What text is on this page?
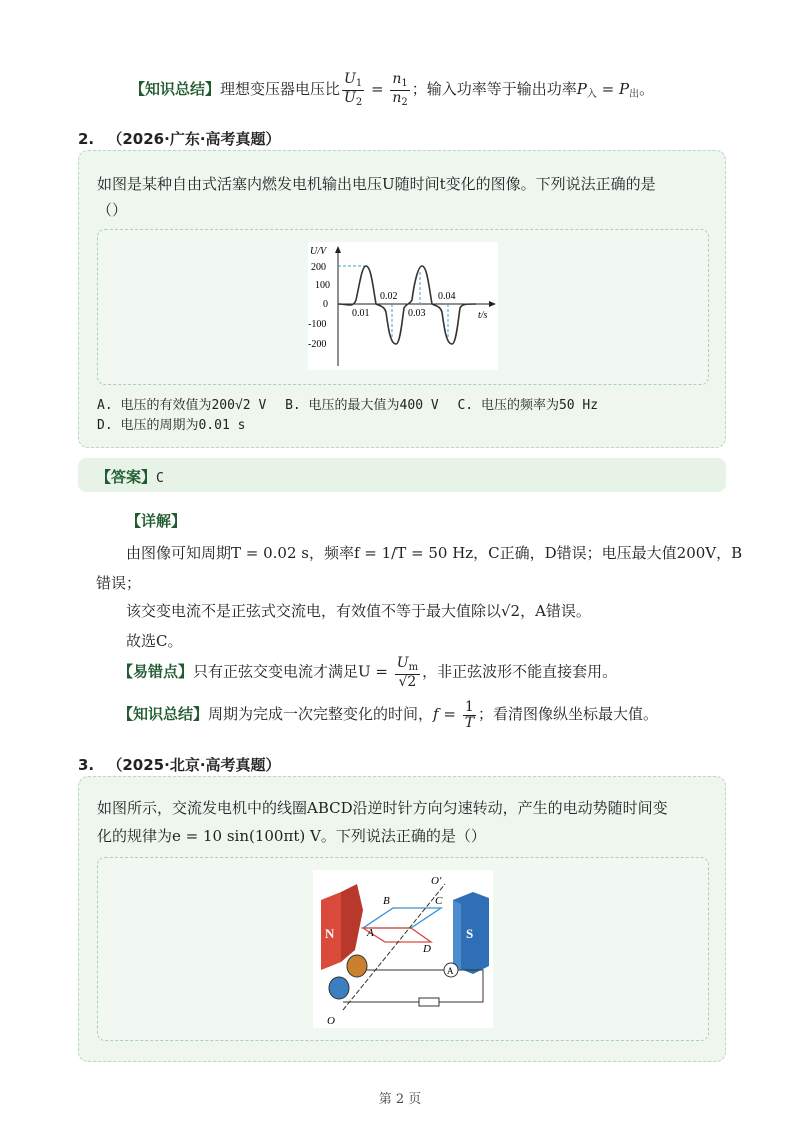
【知识总结】理想变压器电压比 $\frac{U_1}{U_2} = \frac{n_1}{n_2}$ ；输入功率等于输出功率$P_入 = P_出$。
2. （2026·广东·高考真题）
如图是某种自由式活塞内燃发电机输出电压U随时间t变化的图像。下列说法正确的是
（）
U/V
200
100
0
-100
-200
0.01	0.03
0.02	0.04
t/s
A. 电压的有效值为200√2 V B. 电压的最大值为400 V C. 电压的频率为50 Hz
D. 电压的周期为0.01 s
【答案】C
【详解】
由图像可知周期T = 0.02 s，频率f = 1/T = 50 Hz，C正确，D错误；电压最大值200V，B
错误；
该交变电流不是正弦式交流电，有效值不等于最大值除以√2，A错误。
故选C。
【易错点】只有正弦交变电流才满足$U = \frac{U_m}{√2}$ ，非正弦波形不能直接套用。
【知识总结】周期为完成一次完整变化的时间，$f = \frac{1}{T}$ ；看清图像纵坐标最大值。
3. （2025·北京·高考真题）
如图所示，交流发电机中的线圈ABCD沿逆时针方向匀速转动，产生的电动势随时间变
化的规律为e = 10 sin(100πt) V。下列说法正确的是（）
N	S
A
A
B	C
D
O'
O
第 2 页
